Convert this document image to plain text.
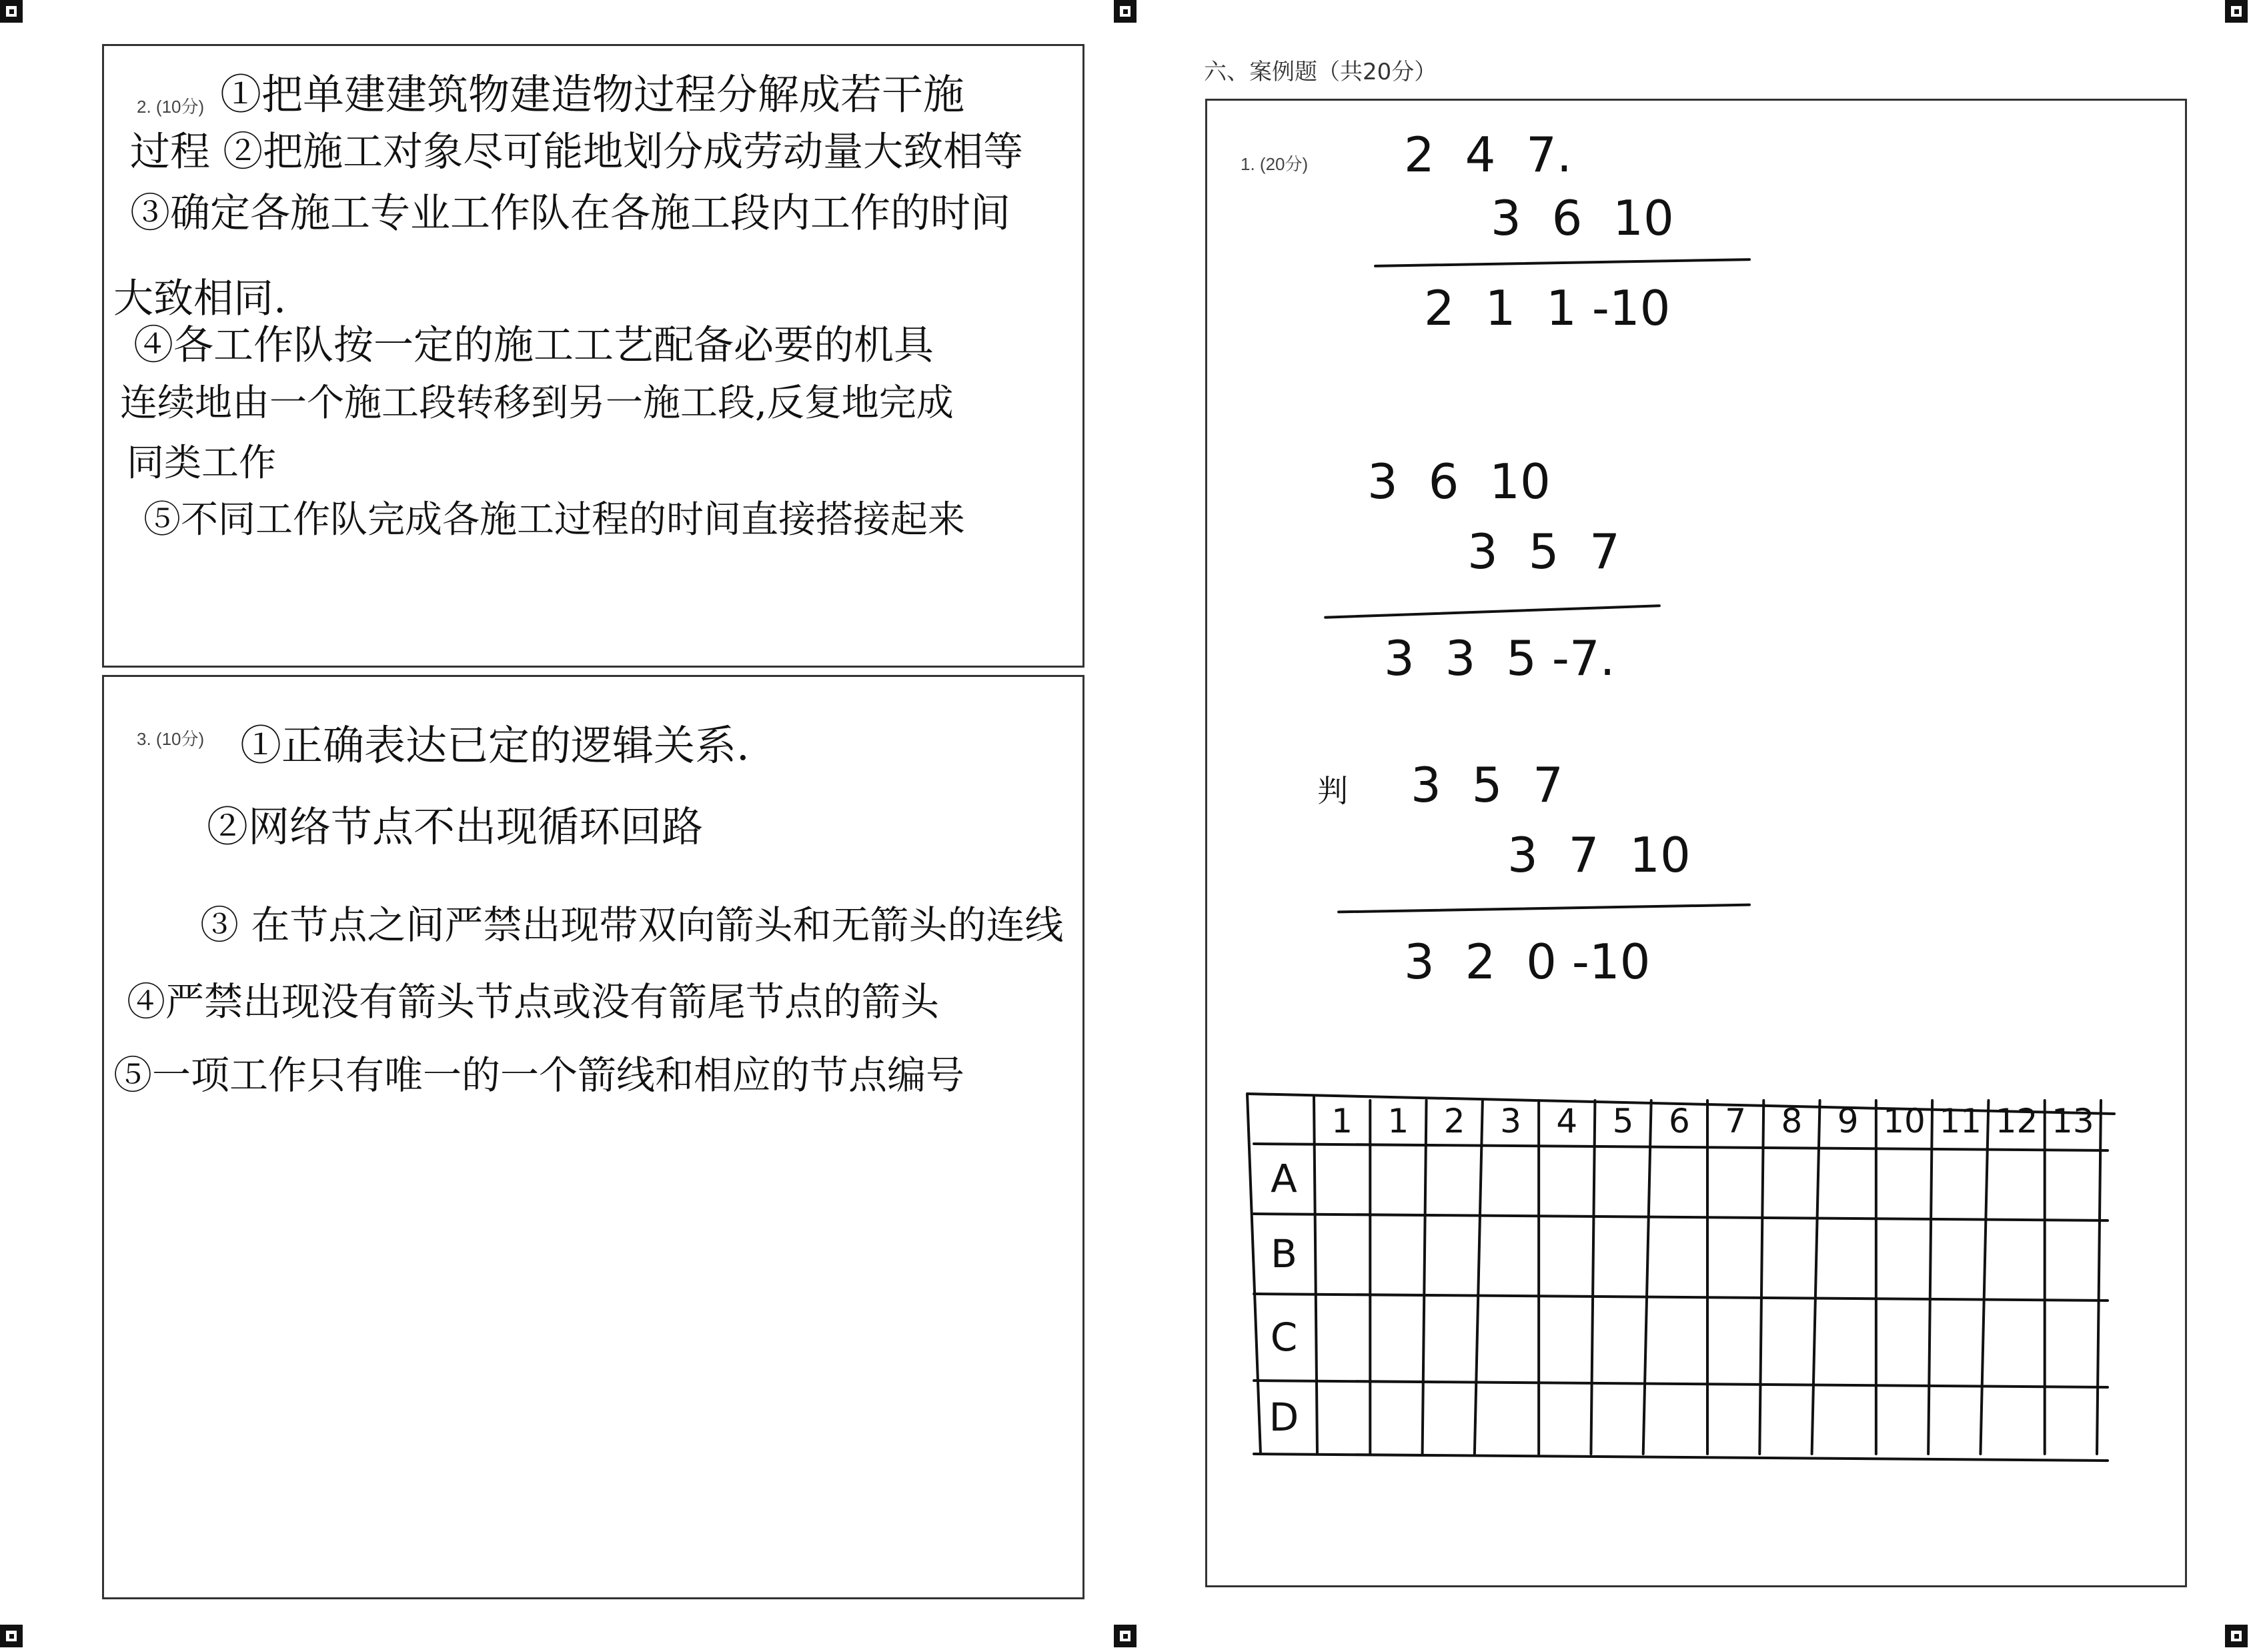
2. (10分) ①把单建建筑物建造物过程分解成若干施
过程 ②把施工对象尽可能地划分成劳动量大致相等
③确定各施工专业工作队在各施工段内工作的时间
大致相同.
④各工作队按一定的施工工艺配备必要的机具
连续地由一个施工段转移到另一施工段,反复地完成
同类工作
⑤不同工作队完成各施工过程的时间直接搭接起来
3. (10分) ①正确表达已定的逻辑关系.
②网络节点不出现循环回路
③ 在节点之间严禁出现带双向箭头和无箭头的连线
④严禁出现没有箭头节点或没有箭尾节点的箭头
⑤一项工作只有唯一的一个箭线和相应的节点编号
六、案例题（共20分）
1. (20分) 2  4  7.
3  6  10
2  1  1 -10
3  6  10
3  5  7
3  3  5 -7.
判 3  5  7
3  7  10
3  2  0 -10
1 1 2 3 4 5 6 7 8 9 10 11 12 13
A
B
C
D
